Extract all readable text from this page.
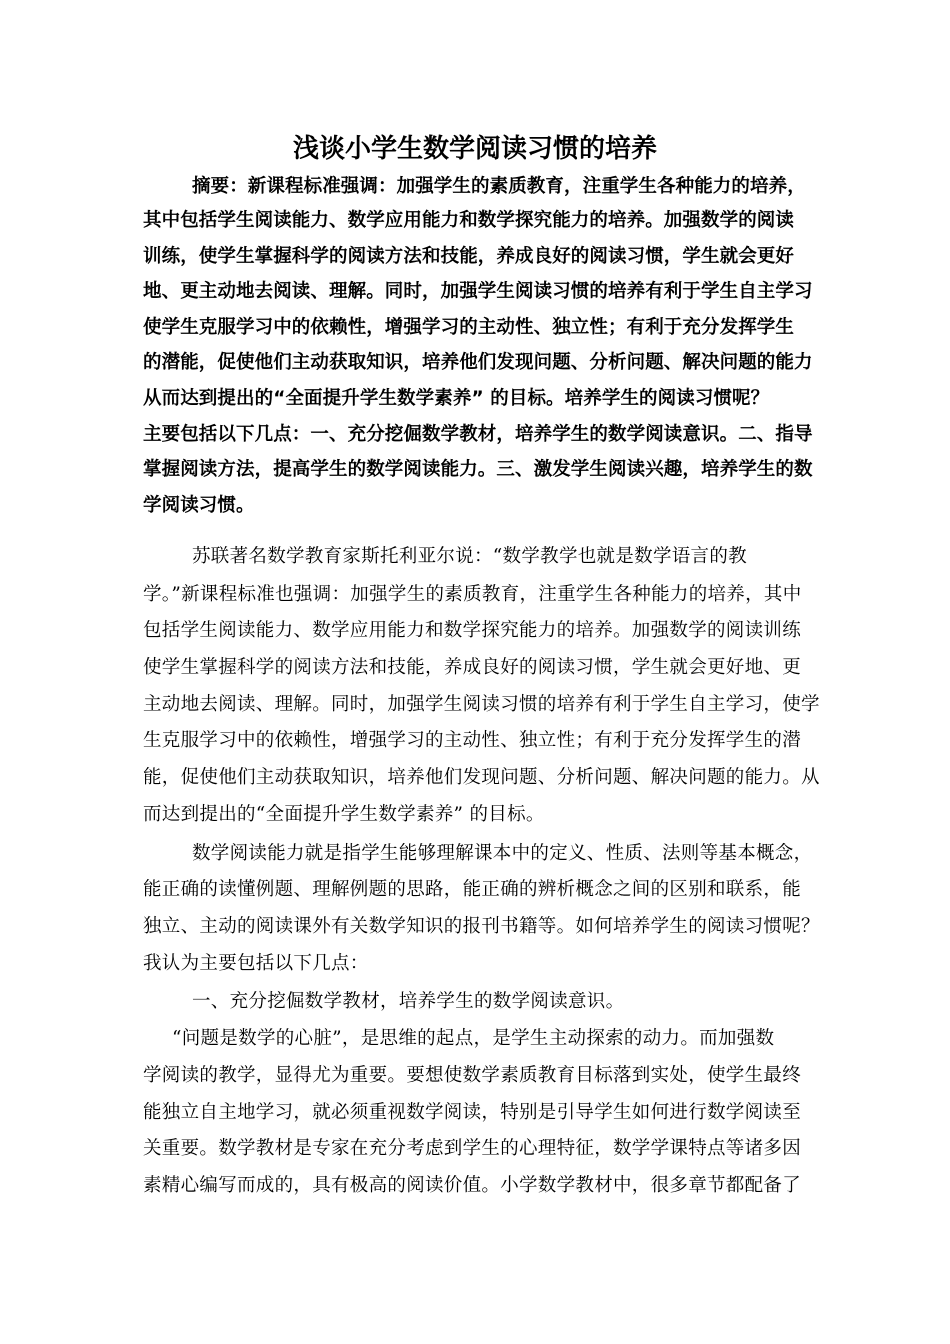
浅谈小学生数学阅读习惯的培养

摘要：新课程标准强调：加强学生的素质教育，注重学生各种能力的培养，

其中包括学生阅读能力、数学应用能力和数学探究能力的培养。加强数学的阅读

训练，使学生掌握科学的阅读方法和技能，养成良好的阅读习惯，学生就会更好

地、更主动地去阅读、理解。同时，加强学生阅读习惯的培养有利于学生自主学习

使学生克服学习中的依赖性，增强学习的主动性、独立性；有利于充分发挥学生

的潜能，促使他们主动获取知识，培养他们发现问题、分析问题、解决问题的能力

从而达到提出的“全面提升学生数学素养” 的目标。培养学生的阅读习惯呢？

主要包括以下几点：一、充分挖倔数学教材，培养学生的数学阅读意识。二、指导

掌握阅读方法，提高学生的数学阅读能力。三、激发学生阅读兴趣，培养学生的数

学阅读习惯。

苏联著名数学教育家斯托利亚尔说：“数学教学也就是数学语言的教

学。”新课程标准也强调：加强学生的素质教育，注重学生各种能力的培养，其中

包括学生阅读能力、数学应用能力和数学探究能力的培养。加强数学的阅读训练

使学生掌握科学的阅读方法和技能，养成良好的阅读习惯，学生就会更好地、更

主动地去阅读、理解。同时，加强学生阅读习惯的培养有利于学生自主学习，使学

生克服学习中的依赖性，增强学习的主动性、独立性；有利于充分发挥学生的潜

能，促使他们主动获取知识，培养他们发现问题、分析问题、解决问题的能力。从

而达到提出的“全面提升学生数学素养” 的目标。

数学阅读能力就是指学生能够理解课本中的定义、性质、法则等基本概念，

能正确的读懂例题、理解例题的思路，能正确的辨析概念之间的区别和联系，能

独立、主动的阅读课外有关数学知识的报刊书籍等。如何培养学生的阅读习惯呢？

我认为主要包括以下几点：

一、充分挖倔数学教材，培养学生的数学阅读意识。

“问题是数学的心脏”，是思维的起点，是学生主动探索的动力。而加强数

学阅读的教学，显得尤为重要。要想使数学素质教育目标落到实处，使学生最终

能独立自主地学习，就必须重视数学阅读，特别是引导学生如何进行数学阅读至

关重要。数学教材是专家在充分考虑到学生的心理特征，数学学课特点等诸多因

素精心编写而成的，具有极高的阅读价值。小学数学教材中，很多章节都配备了
